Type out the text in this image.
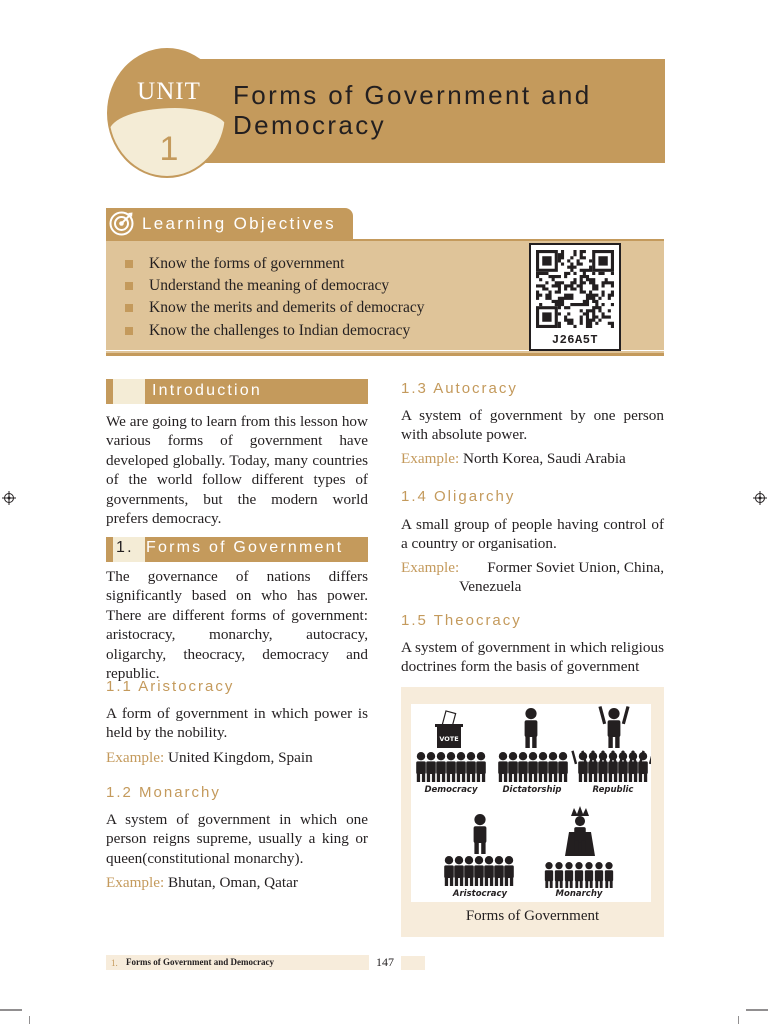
UNIT
1
Forms of Government and Democracy
Learning Objectives
Know the forms of government
Understand the meaning of democracy
Know the merits and demerits of democracy
Know the challenges to Indian democracy
J26A5T
Introduction
We are going to learn from this lesson how various forms of government have developed globally. Today, many countries of the world follow different types of governments, but the modern world prefers democracy.
1. Forms of Government
The governance of nations differs significantly based on who has power. There are different forms of government: aristocracy, monarchy, autocracy, oligarchy, theocracy, democracy and republic.
1.1 Aristocracy
A form of government in which power is held by the nobility.
Example: United Kingdom, Spain
1.2 Monarchy
A system of government in which one person reigns supreme, usually a king or queen(constitutional monarchy).
Example: Bhutan, Oman, Qatar
1.3 Autocracy
A system of government by one person with absolute power.
Example: North Korea, Saudi Arabia
1.4 Oligarchy
A small group of people having control of a country or organisation.
Example: Former Soviet Union, China,
Venezuela
1.5 Theocracy
A system of government in which religious doctrines form the basis of government
VOTE
Democracy	Dictatorship	Republic
Aristocracy	Monarchy
Forms of Government
1. Forms of Government and Democracy	147
